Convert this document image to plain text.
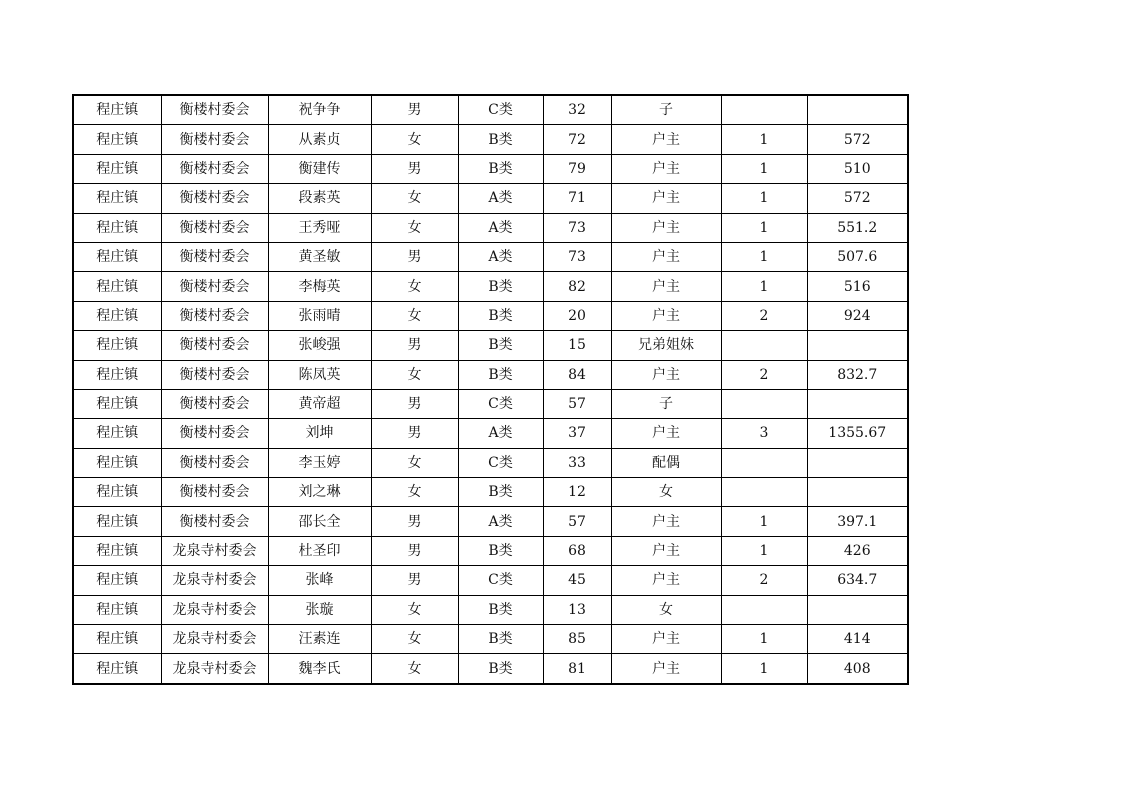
程庄镇	衡楼村委会	祝争争	男	C类	32	子		
程庄镇	衡楼村委会	从素贞	女	B类	72	户主	1	572
程庄镇	衡楼村委会	衡建传	男	B类	79	户主	1	510
程庄镇	衡楼村委会	段素英	女	A类	71	户主	1	572
程庄镇	衡楼村委会	王秀哑	女	A类	73	户主	1	551.2
程庄镇	衡楼村委会	黄圣敏	男	A类	73	户主	1	507.6
程庄镇	衡楼村委会	李梅英	女	B类	82	户主	1	516
程庄镇	衡楼村委会	张雨晴	女	B类	20	户主	2	924
程庄镇	衡楼村委会	张峻强	男	B类	15	兄弟姐妹		
程庄镇	衡楼村委会	陈凤英	女	B类	84	户主	2	832.7
程庄镇	衡楼村委会	黄帝超	男	C类	57	子		
程庄镇	衡楼村委会	刘坤	男	A类	37	户主	3	1355.67
程庄镇	衡楼村委会	李玉婷	女	C类	33	配偶		
程庄镇	衡楼村委会	刘之琳	女	B类	12	女		
程庄镇	衡楼村委会	邵长全	男	A类	57	户主	1	397.1
程庄镇	龙泉寺村委会	杜圣印	男	B类	68	户主	1	426
程庄镇	龙泉寺村委会	张峰	男	C类	45	户主	2	634.7
程庄镇	龙泉寺村委会	张璇	女	B类	13	女		
程庄镇	龙泉寺村委会	汪素连	女	B类	85	户主	1	414
程庄镇	龙泉寺村委会	魏李氏	女	B类	81	户主	1	408
